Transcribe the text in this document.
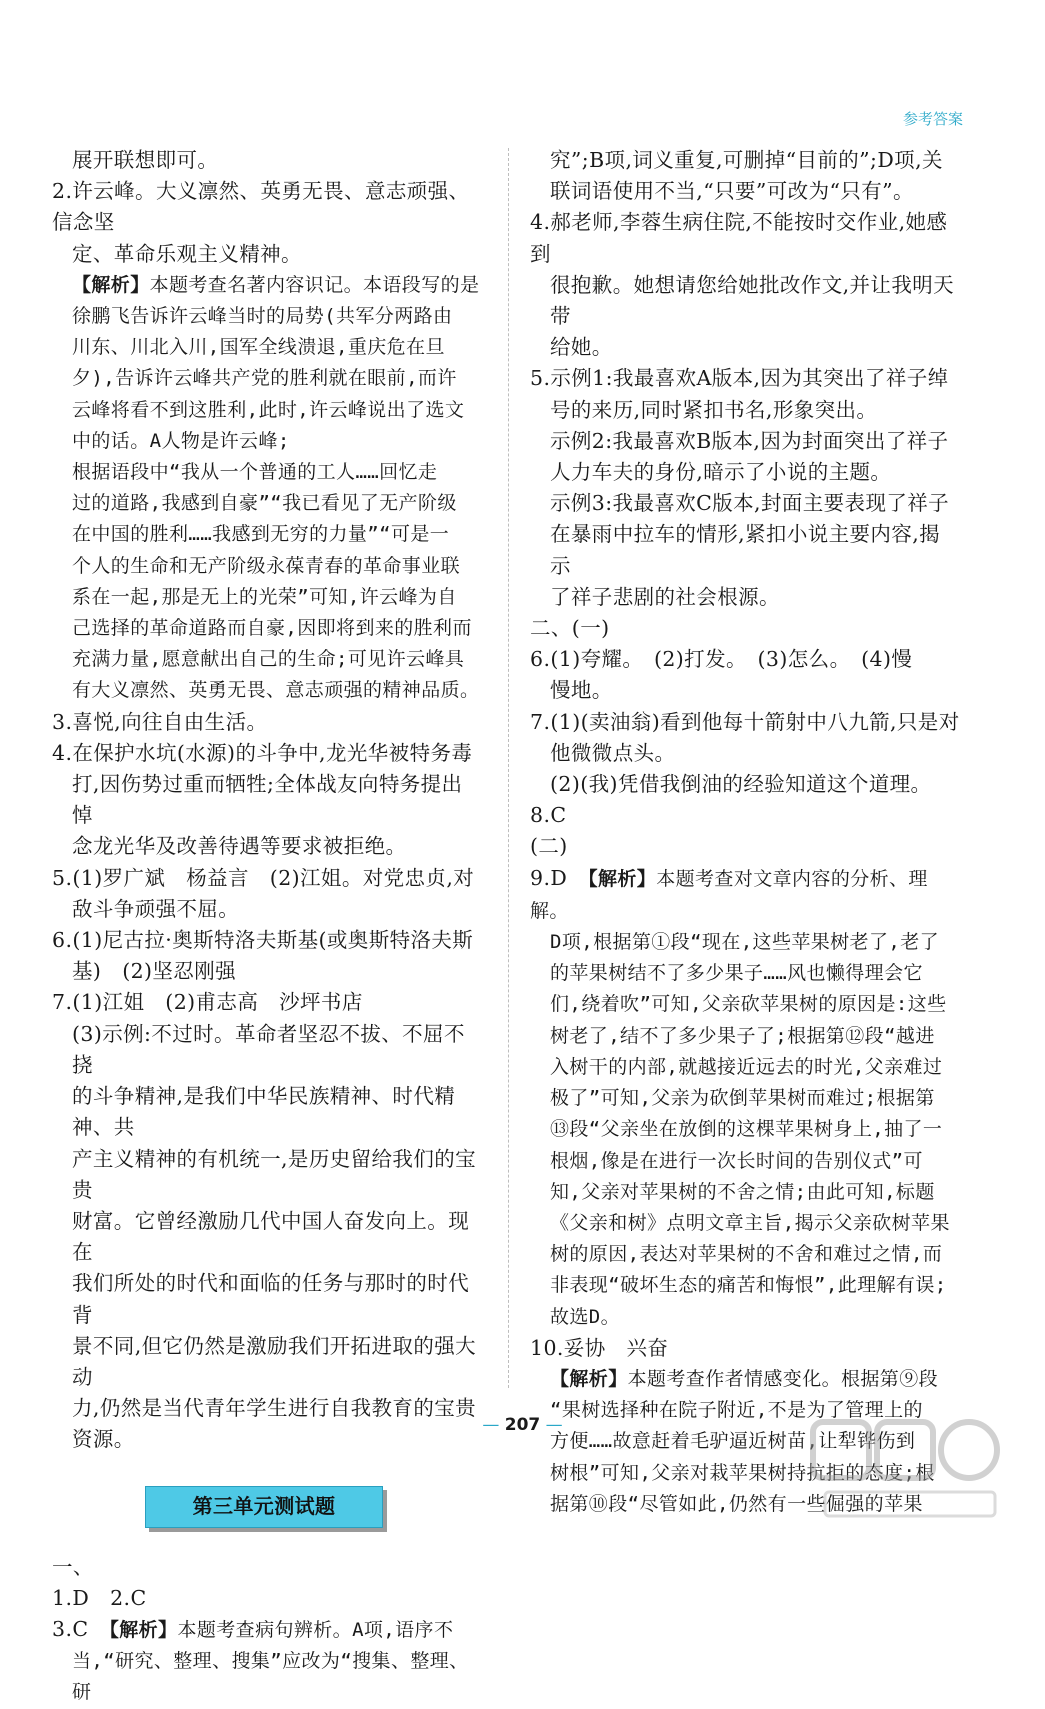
参考答案

展开联想即可。

2.许云峰。大义凛然、英勇无畏、意志顽强、信念坚

定、革命乐观主义精神。

【解析】本题考查名著内容识记。本语段写的是

徐鹏飞告诉许云峰当时的局势(共军分两路由

川东、川北入川,国军全线溃退,重庆危在旦

夕),告诉许云峰共产党的胜利就在眼前,而许

云峰将看不到这胜利,此时,许云峰说出了选文

中的话。A人物是许云峰;

根据语段中“我从一个普通的工人……回忆走

过的道路,我感到自豪”“我已看见了无产阶级

在中国的胜利……我感到无穷的力量”“可是一

个人的生命和无产阶级永葆青春的革命事业联

系在一起,那是无上的光荣”可知,许云峰为自

己选择的革命道路而自豪,因即将到来的胜利而

充满力量,愿意献出自己的生命;可见许云峰具

有大义凛然、英勇无畏、意志顽强的精神品质。

3.喜悦,向往自由生活。

4.在保护水坑(水源)的斗争中,龙光华被特务毒

打,因伤势过重而牺牲;全体战友向特务提出悼

念龙光华及改善待遇等要求被拒绝。

5.(1)罗广斌　杨益言　(2)江姐。对党忠贞,对

敌斗争顽强不屈。

6.(1)尼古拉·奥斯特洛夫斯基(或奥斯特洛夫斯

基)　(2)坚忍刚强

7.(1)江姐　(2)甫志高　沙坪书店

(3)示例:不过时。革命者坚忍不拔、不屈不挠

的斗争精神,是我们中华民族精神、时代精神、共

产主义精神的有机统一,是历史留给我们的宝贵

财富。它曾经激励几代中国人奋发向上。现在

我们所处的时代和面临的任务与那时的时代背

景不同,但它仍然是激励我们开拓进取的强大动

力,仍然是当代青年学生进行自我教育的宝贵

资源。

第三单元测试题

一、

1.D　2.C

3.C　【解析】本题考查病句辨析。A项,语序不

当,“研究、整理、搜集”应改为“搜集、整理、研

究”;B项,词义重复,可删掉“目前的”;D项,关

联词语使用不当,“只要”可改为“只有”。

4.郝老师,李蓉生病住院,不能按时交作业,她感到

很抱歉。她想请您给她批改作文,并让我明天带

给她。

5.示例1:我最喜欢A版本,因为其突出了祥子绰

号的来历,同时紧扣书名,形象突出。

示例2:我最喜欢B版本,因为封面突出了祥子

人力车夫的身份,暗示了小说的主题。

示例3:我最喜欢C版本,封面主要表现了祥子

在暴雨中拉车的情形,紧扣小说主要内容,揭示

了祥子悲剧的社会根源。

二、(一)

6.(1)夸耀。　(2)打发。　(3)怎么。　(4)慢

慢地。

7.(1)(卖油翁)看到他每十箭射中八九箭,只是对

他微微点头。

(2)(我)凭借我倒油的经验知道这个道理。

8.C

(二)

9.D　【解析】本题考查对文章内容的分析、理解。

D项,根据第①段“现在,这些苹果树老了,老了

的苹果树结不了多少果子……风也懒得理会它

们,绕着吹”可知,父亲砍苹果树的原因是:这些

树老了,结不了多少果子了;根据第⑫段“越进

入树干的内部,就越接近远去的时光,父亲难过

极了”可知,父亲为砍倒苹果树而难过;根据第

⑬段“父亲坐在放倒的这棵苹果树身上,抽了一

根烟,像是在进行一次长时间的告别仪式”可

知,父亲对苹果树的不舍之情;由此可知,标题

《父亲和树》点明文章主旨,揭示父亲砍树苹果

树的原因,表达对苹果树的不舍和难过之情,而

非表现“破坏生态的痛苦和悔恨”,此理解有误;

故选D。

10.妥协　兴奋

【解析】本题考查作者情感变化。根据第⑨段

“果树选择种在院子附近,不是为了管理上的

方便……故意赶着毛驴逼近树苗,让犁铧伤到

树根”可知,父亲对栽苹果树持抗拒的态度;根

据第⑩段“尽管如此,仍然有一些倔强的苹果

— 207 —
